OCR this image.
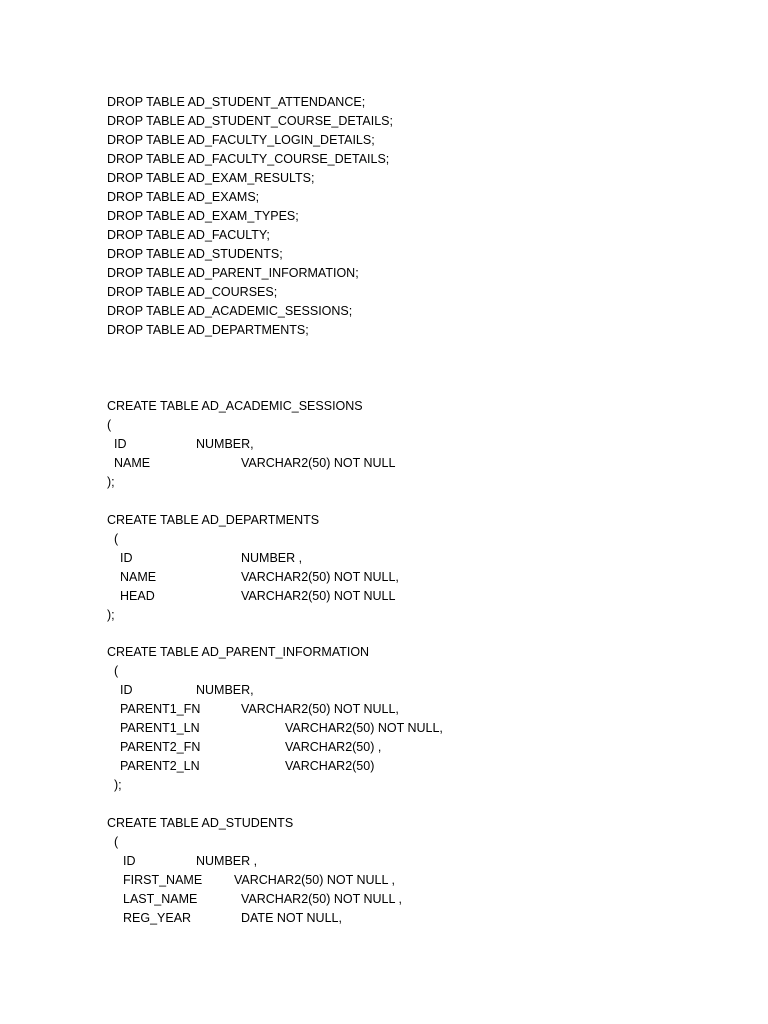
DROP TABLE AD_STUDENT_ATTENDANCE;
DROP TABLE AD_STUDENT_COURSE_DETAILS;
DROP TABLE AD_FACULTY_LOGIN_DETAILS;
DROP TABLE AD_FACULTY_COURSE_DETAILS;
DROP TABLE AD_EXAM_RESULTS;
DROP TABLE AD_EXAMS;
DROP TABLE AD_EXAM_TYPES;
DROP TABLE AD_FACULTY;
DROP TABLE AD_STUDENTS;
DROP TABLE AD_PARENT_INFORMATION;
DROP TABLE AD_COURSES;
DROP TABLE AD_ACADEMIC_SESSIONS;
DROP TABLE AD_DEPARTMENTS;
CREATE TABLE AD_ACADEMIC_SESSIONS
(
ID	NUMBER,
NAME	VARCHAR2(50) NOT NULL
);
CREATE TABLE AD_DEPARTMENTS
(
ID	NUMBER ,
NAME	VARCHAR2(50) NOT NULL,
HEAD	VARCHAR2(50) NOT NULL
);
CREATE TABLE AD_PARENT_INFORMATION
(
ID	NUMBER,
PARENT1_FN	VARCHAR2(50) NOT NULL,
PARENT1_LN	VARCHAR2(50) NOT NULL,
PARENT2_FN	VARCHAR2(50) ,
PARENT2_LN	VARCHAR2(50)
);
CREATE TABLE AD_STUDENTS
(
ID	NUMBER ,
FIRST_NAME	VARCHAR2(50) NOT NULL ,
LAST_NAME	VARCHAR2(50) NOT NULL ,
REG_YEAR	DATE NOT NULL,
